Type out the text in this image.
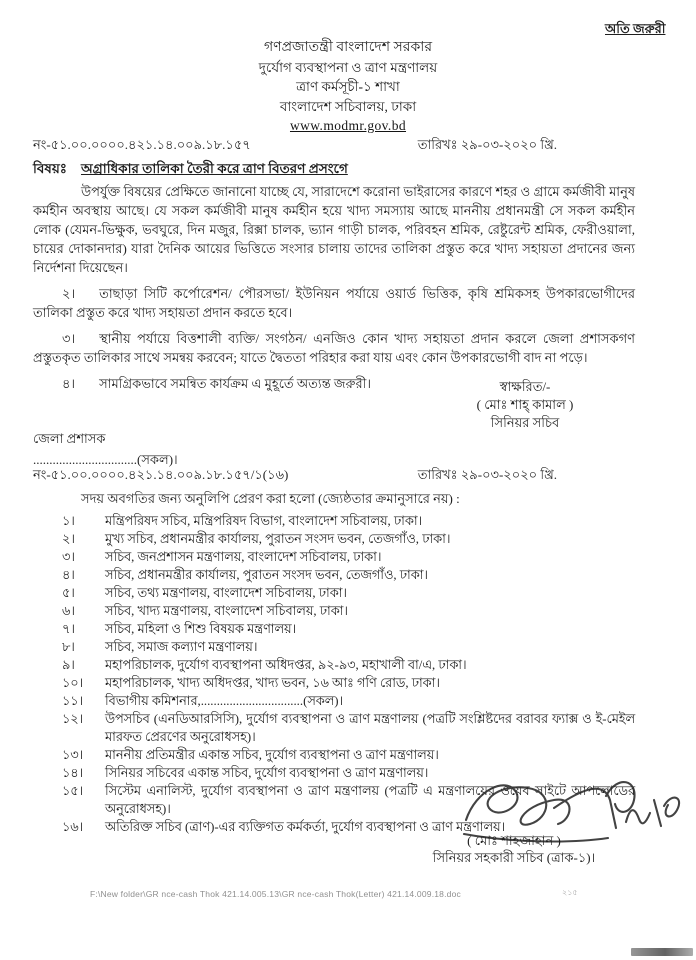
অতি জরুরী
গণপ্রজাতন্ত্রী বাংলাদেশ সরকার
দুর্যোগ ব্যবস্থাপনা ও ত্রাণ মন্ত্রণালয়
ত্রাণ কর্মসূচী-১ শাখা
বাংলাদেশ সচিবালয়, ঢাকা
www.modmr.gov.bd
নং-৫১.০০.০০০০.৪২১.১৪.০০৯.১৮.১৫৭	তারিখঃ ২৯-০৩-২০২০ খ্রি.
বিষয়ঃ অগ্রাধিকার তালিকা তৈরী করে ত্রাণ বিতরণ প্রসংগে

উপর্যুক্ত বিষয়ের প্রেক্ষিতে জানানো যাচ্ছে যে, সারাদেশে করোনা ভাইরাসের কারণে শহর ও গ্রামে কর্মজীবী মানুষ কর্মহীন অবস্থায় আছে। যে সকল কর্মজীবী মানুষ কর্মহীন হয়ে খাদ্য সমস্যায় আছে মাননীয় প্রধানমন্ত্রী সে সকল কর্মহীন লোক (যেমন-ভিক্ষুক, ভবঘুরে, দিন মজুর, রিক্সা চালক, ভ্যান গাড়ী চালক, পরিবহন শ্রমিক, রেষ্টুরেন্ট শ্রমিক, ফেরীওয়ালা, চায়ের দোকানদার) যারা দৈনিক আয়ের ভিত্তিতে সংসার চালায় তাদের তালিকা প্রস্তুত করে খাদ্য সহায়তা প্রদানের জন্য নির্দেশনা দিয়েছেন।

২। তাছাড়া সিটি কর্পোরেশন/ পৌরসভা/ ইউনিয়ন পর্যায়ে ওয়ার্ড ভিত্তিক, কৃষি শ্রমিকসহ উপকারভোগীদের তালিকা প্রস্তুত করে খাদ্য সহায়তা প্রদান করতে হবে।

৩। স্থানীয় পর্যায়ে বিত্তশালী ব্যক্তি/ সংগঠন/ এনজিও কোন খাদ্য সহায়তা প্রদান করলে জেলা প্রশাসকগণ প্রস্তুতকৃত তালিকার সাথে সমন্বয় করবেন; যাতে দ্বৈততা পরিহার করা যায় এবং কোন উপকারভোগী বাদ না পড়ে।

৪। সামগ্রিকভাবে সমন্বিত কার্যক্রম এ মুহূর্তে অত্যন্ত জরুরী।	স্বাক্ষরিত/-
( মোঃ শাহ্‌ কামাল )
সিনিয়র সচিব
জেলা প্রশাসক
................................(সকল)।
নং-৫১.০০.০০০০.৪২১.১৪.০০৯.১৮.১৫৭/১(১৬)	তারিখঃ ২৯-০৩-২০২০ খ্রি.

সদয় অবগতির জন্য অনুলিপি প্রেরণ করা হলো (জ্যেষ্ঠতার ক্রমানুসারে নয়) :

১। মন্ত্রিপরিষদ সচিব, মন্ত্রিপরিষদ বিভাগ, বাংলাদেশ সচিবালয়, ঢাকা।
২। মুখ্য সচিব, প্রধানমন্ত্রীর কার্যালয়, পুরাতন সংসদ ভবন, তেজগাঁও, ঢাকা।
৩। সচিব, জনপ্রশাসন মন্ত্রণালয়, বাংলাদেশ সচিবালয়, ঢাকা।
৪। সচিব, প্রধানমন্ত্রীর কার্যালয়, পুরাতন সংসদ ভবন, তেজগাঁও, ঢাকা।
৫। সচিব, তথ্য মন্ত্রণালয়, বাংলাদেশ সচিবালয়, ঢাকা।
৬। সচিব, খাদ্য মন্ত্রণালয়, বাংলাদেশ সচিবালয়, ঢাকা।
৭। সচিব, মহিলা ও শিশু বিষয়ক মন্ত্রণালয়।
৮। সচিব, সমাজ কল্যাণ মন্ত্রণালয়।
৯। মহাপরিচালক, দুর্যোগ ব্যবস্থাপনা অধিদপ্তর, ৯২-৯৩, মহাখালী বা/এ, ঢাকা।
১০। মহাপরিচালক, খাদ্য অধিদপ্তর, খাদ্য ভবন, ১৬ আঃ গণি রোড, ঢাকা।
১১। বিভাগীয় কমিশনার,................................(সকল)।
১২। উপসচিব (এনডিআরসিসি), দুর্যোগ ব্যবস্থাপনা ও ত্রাণ মন্ত্রণালয় (পত্রটি সংশ্লিষ্টদের বরাবর ফ্যাক্স ও ই-মেইল মারফত প্রেরণের অনুরোধসহ)।
১৩। মাননীয় প্রতিমন্ত্রীর একান্ত সচিব, দুর্যোগ ব্যবস্থাপনা ও ত্রাণ মন্ত্রণালয়।
১৪। সিনিয়র সচিবের একান্ত সচিব, দুর্যোগ ব্যবস্থাপনা ও ত্রাণ মন্ত্রণালয়।
১৫। সিস্টেম এনালিস্ট, দুর্যোগ ব্যবস্থাপনা ও ত্রাণ মন্ত্রণালয় (পত্রটি এ মন্ত্রণালয়ের ওয়েব সাইটে আপলোডের অনুরোধসহ)।
১৬। অতিরিক্ত সচিব (ত্রাণ)-এর ব্যক্তিগত কর্মকর্তা, দুর্যোগ ব্যবস্থাপনা ও ত্রাণ মন্ত্রণালয়।
( মোঃ শাহজাহান )
সিনিয়র সহকারী সচিব (ত্রাক-১)।
F:\New folder\GR nce-cash Thok 421.14.005.13\GR nce-cash Thok(Letter) 421.14.009.18.doc	২১৫
